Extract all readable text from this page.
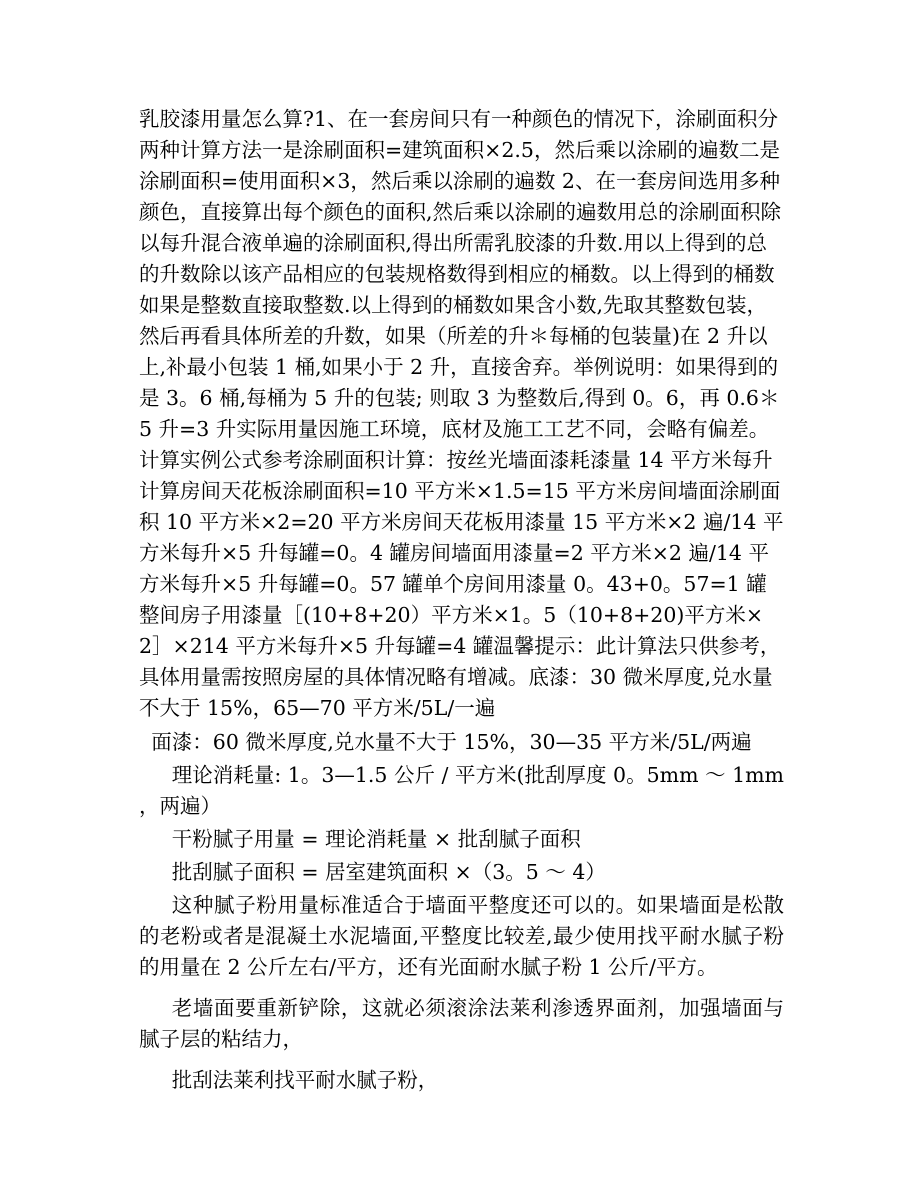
乳胶漆用量怎么算?1、在一套房间只有一种颜色的情况下，涂刷面积分两种计算方法一是涂刷面积=建筑面积×2.5，然后乘以涂刷的遍数二是涂刷面积=使用面积×3，然后乘以涂刷的遍数 2、在一套房间选用多种颜色，直接算出每个颜色的面积,然后乘以涂刷的遍数用总的涂刷面积除以每升混合液单遍的涂刷面积,得出所需乳胶漆的升数.用以上得到的总的升数除以该产品相应的包装规格数得到相应的桶数。以上得到的桶数如果是整数直接取整数.以上得到的桶数如果含小数,先取其整数包装，然后再看具体所差的升数，如果（所差的升＊每桶的包装量)在 2 升以上,补最小包装 1 桶,如果小于 2 升，直接舍弃。举例说明：如果得到的是 3。6 桶,每桶为 5 升的包装; 则取 3 为整数后,得到 0。6，再 0.6＊5 升=3 升实际用量因施工环境，底材及施工工艺不同，会略有偏差。计算实例公式参考涂刷面积计算：按丝光墙面漆耗漆量 14 平方米每升计算房间天花板涂刷面积=10 平方米×1.5=15 平方米房间墙面涂刷面积 10 平方米×2=20 平方米房间天花板用漆量 15 平方米×2 遍/14 平方米每升×5 升每罐=0。4 罐房间墙面用漆量=2 平方米×2 遍/14 平方米每升×5 升每罐=0。57 罐单个房间用漆量 0。43+0。57=1 罐整间房子用漆量［(10+8+20）平方米×1。5（10+8+20)平方米×2］×214 平方米每升×5 升每罐=4 罐温馨提示：此计算法只供参考，具体用量需按照房屋的具体情况略有增减。底漆：30 微米厚度,兑水量不大于 15%，65—70 平方米/5L/一遍

面漆：60 微米厚度,兑水量不大于 15%，30—35 平方米/5L/两遍

理论消耗量: 1。3—1.5 公斤 / 平方米(批刮厚度 0。5mm ～ 1mm ，两遍）

干粉腻子用量 = 理论消耗量 × 批刮腻子面积

批刮腻子面积 = 居室建筑面积 ×（3。5 ～ 4）

这种腻子粉用量标准适合于墙面平整度还可以的。如果墙面是松散的老粉或者是混凝土水泥墙面,平整度比较差,最少使用找平耐水腻子粉的用量在 2 公斤左右/平方，还有光面耐水腻子粉 1 公斤/平方。

老墙面要重新铲除，这就必须滚涂法莱利渗透界面剂，加强墙面与腻子层的粘结力，

批刮法莱利找平耐水腻子粉，
